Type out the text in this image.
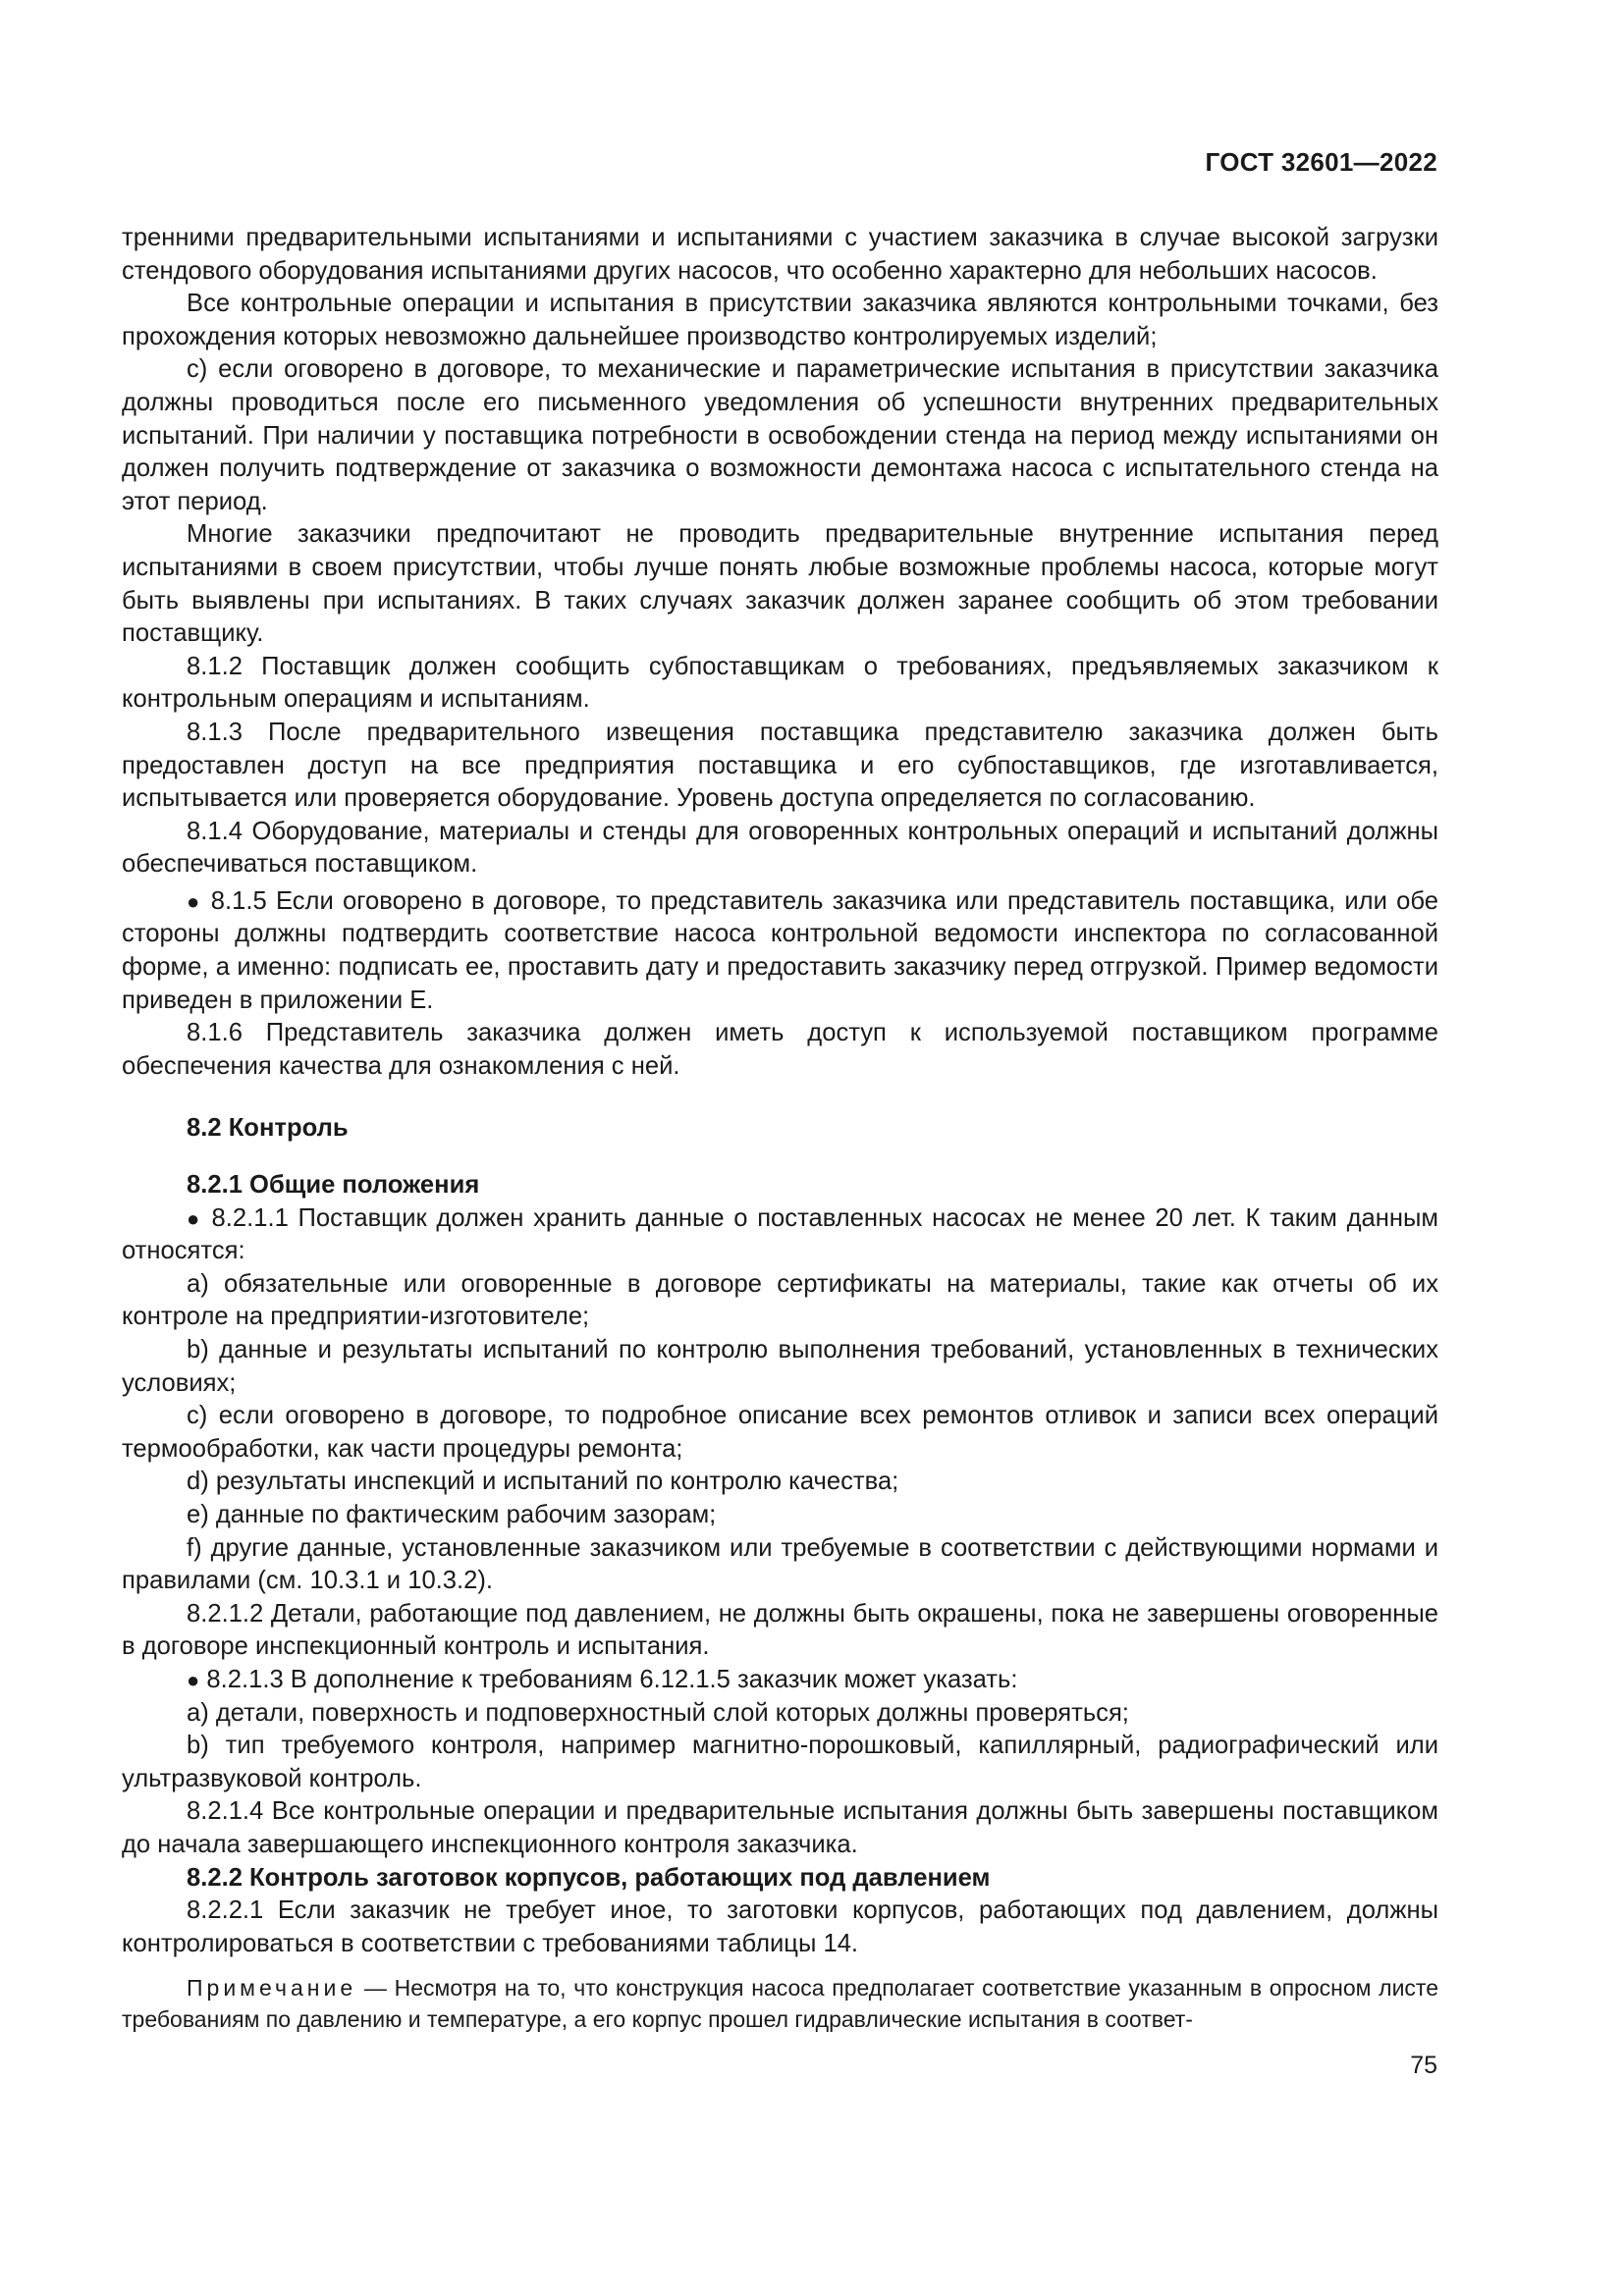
ГОСТ 32601—2022

тренними предварительными испытаниями и испытаниями с участием заказчика в случае высокой загрузки стендового оборудования испытаниями других насосов, что особенно характерно для небольших насосов.

Все контрольные операции и испытания в присутствии заказчика являются контрольными точками, без прохождения которых невозможно дальнейшее производство контролируемых изделий;

c) если оговорено в договоре, то механические и параметрические испытания в присутствии заказчика должны проводиться после его письменного уведомления об успешности внутренних предварительных испытаний. При наличии у поставщика потребности в освобождении стенда на период между испытаниями он должен получить подтверждение от заказчика о возможности демонтажа насоса с испытательного стенда на этот период.

Многие заказчики предпочитают не проводить предварительные внутренние испытания перед испытаниями в своем присутствии, чтобы лучше понять любые возможные проблемы насоса, которые могут быть выявлены при испытаниях. В таких случаях заказчик должен заранее сообщить об этом требовании поставщику.

8.1.2 Поставщик должен сообщить субпоставщикам о требованиях, предъявляемых заказчиком к контрольным операциям и испытаниям.

8.1.3 После предварительного извещения поставщика представителю заказчика должен быть предоставлен доступ на все предприятия поставщика и его субпоставщиков, где изготавливается, испытывается или проверяется оборудование. Уровень доступа определяется по согласованию.

8.1.4 Оборудование, материалы и стенды для оговоренных контрольных операций и испытаний должны обеспечиваться поставщиком.

● 8.1.5 Если оговорено в договоре, то представитель заказчика или представитель поставщика, или обе стороны должны подтвердить соответствие насоса контрольной ведомости инспектора по согласованной форме, а именно: подписать ее, проставить дату и предоставить заказчику перед отгрузкой. Пример ведомости приведен в приложении Е.

8.1.6 Представитель заказчика должен иметь доступ к используемой поставщиком программе обеспечения качества для ознакомления с ней.

8.2 Контроль
8.2.1 Общие положения

● 8.2.1.1 Поставщик должен хранить данные о поставленных насосах не менее 20 лет. К таким данным относятся:

a) обязательные или оговоренные в договоре сертификаты на материалы, такие как отчеты об их контроле на предприятии-изготовителе;

b) данные и результаты испытаний по контролю выполнения требований, установленных в технических условиях;

c) если оговорено в договоре, то подробное описание всех ремонтов отливок и записи всех операций термообработки, как части процедуры ремонта;

d) результаты инспекций и испытаний по контролю качества;

e) данные по фактическим рабочим зазорам;

f) другие данные, установленные заказчиком или требуемые в соответствии с действующими нормами и правилами (см. 10.3.1 и 10.3.2).

8.2.1.2 Детали, работающие под давлением, не должны быть окрашены, пока не завершены оговоренные в договоре инспекционный контроль и испытания.

● 8.2.1.3 В дополнение к требованиям 6.12.1.5 заказчик может указать:

a) детали, поверхность и подповерхностный слой которых должны проверяться;

b) тип требуемого контроля, например магнитно-порошковый, капиллярный, радиографический или ультразвуковой контроль.

8.2.1.4 Все контрольные операции и предварительные испытания должны быть завершены поставщиком до начала завершающего инспекционного контроля заказчика.

8.2.2 Контроль заготовок корпусов, работающих под давлением

8.2.2.1 Если заказчик не требует иное, то заготовки корпусов, работающих под давлением, должны контролироваться в соответствии с требованиями таблицы 14.

Примечание — Несмотря на то, что конструкция насоса предполагает соответствие указанным в опросном листе требованиям по давлению и температуре, а его корпус прошел гидравлические испытания в соответ-

75
